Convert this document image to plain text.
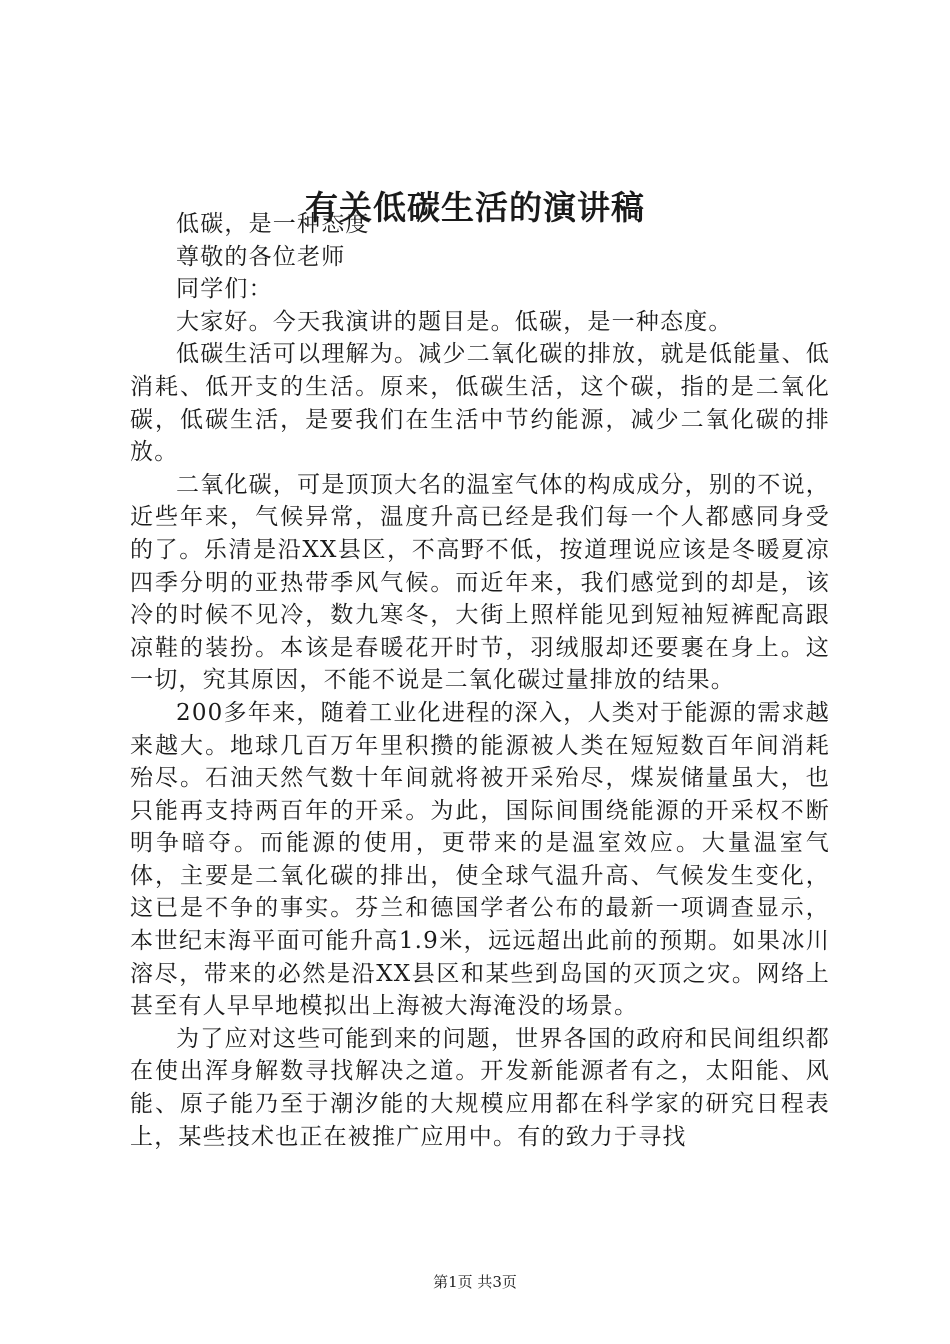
有关低碳生活的演讲稿

低碳，是一种态度

尊敬的各位老师

同学们：

大家好。今天我演讲的题目是。低碳，是一种态度。

低碳生活可以理解为。减少二氧化碳的排放，就是低能量、低消耗、低开支的生活。原来，低碳生活，这个碳，指的是二氧化碳，低碳生活，是要我们在生活中节约能源，减少二氧化碳的排放。

二氧化碳，可是顶顶大名的温室气体的构成成分，别的不说，近些年来，气候异常，温度升高已经是我们每一个人都感同身受的了。乐清是沿XX县区，不高野不低，按道理说应该是冬暖夏凉四季分明的亚热带季风气候。而近年来，我们感觉到的却是，该冷的时候不见冷，数九寒冬，大街上照样能见到短袖短裤配高跟凉鞋的装扮。本该是春暖花开时节，羽绒服却还要裹在身上。这一切，究其原因，不能不说是二氧化碳过量排放的结果。

200多年来，随着工业化进程的深入，人类对于能源的需求越来越大。地球几百万年里积攒的能源被人类在短短数百年间消耗殆尽。石油天然气数十年间就将被开采殆尽，煤炭储量虽大，也只能再支持两百年的开采。为此，国际间围绕能源的开采权不断明争暗夺。而能源的使用，更带来的是温室效应。大量温室气体，主要是二氧化碳的排出，使全球气温升高、气候发生变化，这已是不争的事实。芬兰和德国学者公布的最新一项调查显示，本世纪末海平面可能升高1.9米，远远超出此前的预期。如果冰川溶尽，带来的必然是沿XX县区和某些到岛国的灭顶之灾。网络上甚至有人早早地模拟出上海被大海淹没的场景。

为了应对这些可能到来的问题，世界各国的政府和民间组织都在使出浑身解数寻找解决之道。开发新能源者有之，太阳能、风能、原子能乃至于潮汐能的大规模应用都在科学家的研究日程表上，某些技术也正在被推广应用中。有的致力于寻找

第1页 共3页
